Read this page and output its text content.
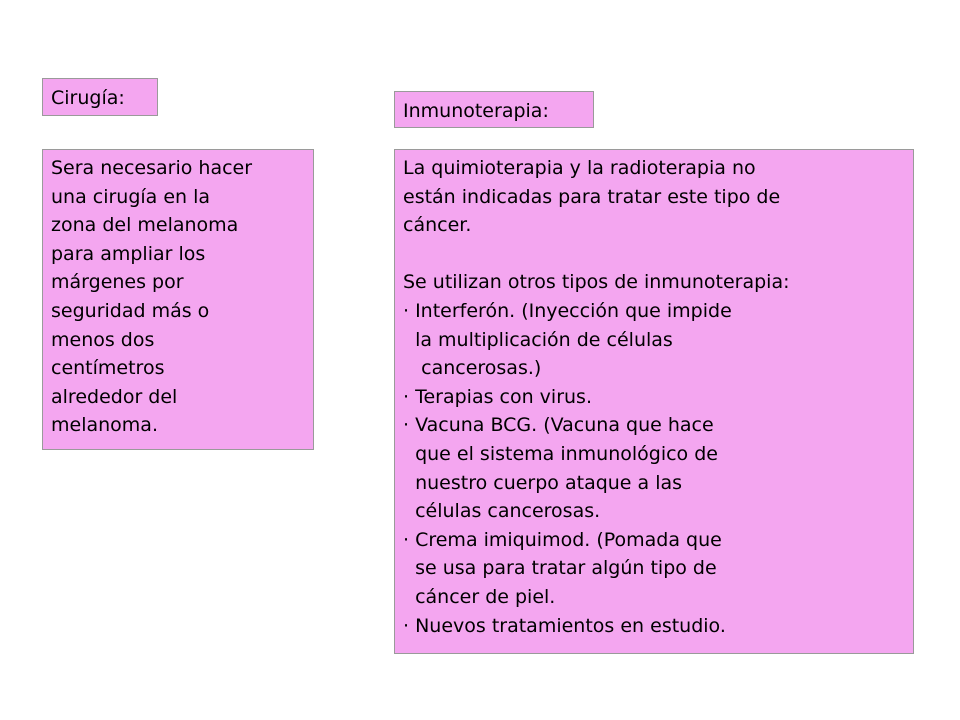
Cirugía:
Inmunoterapia:
Sera necesario hacer
una cirugía en la
zona del melanoma
para ampliar los
márgenes por
seguridad más o
menos dos
centímetros
alrededor del
melanoma.
La quimioterapia y la radioterapia no
están indicadas para tratar este tipo de
cáncer.
Se utilizan otros tipos de inmunoterapia:
· Interferón. (Inyección que impide
la multiplicación de células
cancerosas.)
· Terapias con virus.
· Vacuna BCG. (Vacuna que hace
que el sistema inmunológico de
nuestro cuerpo ataque a las
células cancerosas.
· Crema imiquimod. (Pomada que
se usa para tratar algún tipo de
cáncer de piel.
· Nuevos tratamientos en estudio.
